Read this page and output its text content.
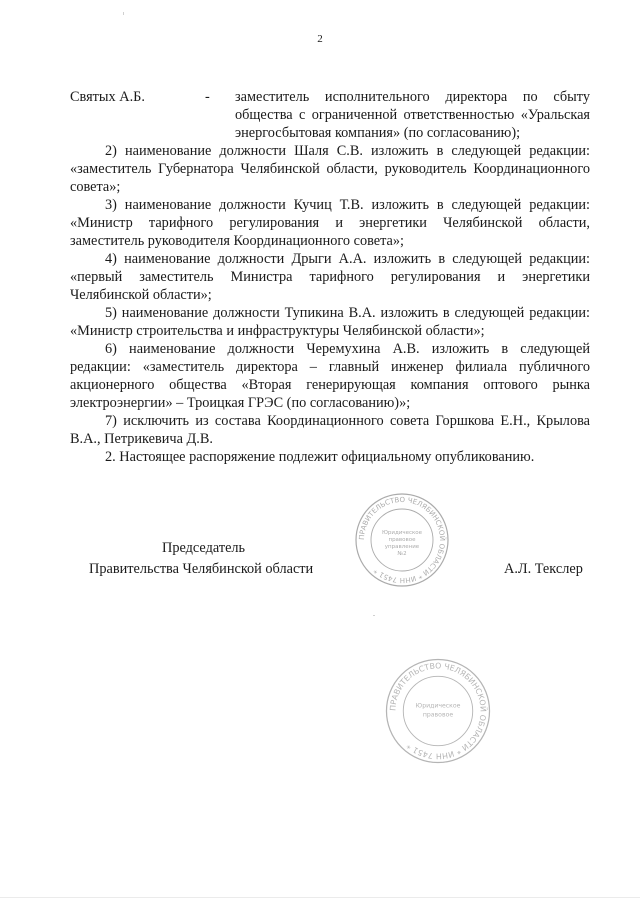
2
Святых А.Б.	-	заместитель исполнительного директора по сбыту общества с ограниченной ответственностью «Уральская энергосбытовая компания» (по согласованию);

2) наименование должности Шаля С.В. изложить в следующей редакции: «заместитель Губернатора Челябинской области, руководитель Координационного совета»;

3) наименование должности Кучиц Т.В. изложить в следующей редакции: «Министр тарифного регулирования и энергетики Челябинской области, заместитель руководителя Координационного совета»;

4) наименование должности Дрыги А.А. изложить в следующей редакции: «первый заместитель Министра тарифного регулирования и энергетики Челябинской области»;

5) наименование должности Тупикина В.А. изложить в следующей редакции: «Министр строительства и инфраструктуры Челябинской области»;

6) наименование должности Черемухина А.В. изложить в следующей редакции: «заместитель директора – главный инженер филиала публичного акционерного общества «Вторая генерирующая компания оптового рынка электроэнергии» – Троицкая ГРЭС (по согласованию)»;

7) исключить из состава Координационного совета Горшкова Е.Н., Крылова В.А., Петрикевича Д.В.

2. Настоящее распоряжение подлежит официальному опубликованию.

Председатель
Правительства Челябинской области	А.Л. Текслер
ПРАВИТЕЛЬСТВО ЧЕЛЯБИНСКОЙ ОБЛАСТИ * ИНН 7451 *
Юридическое
правовое
управление
№2
ПРАВИТЕЛЬСТВО ЧЕЛЯБИНСКОЙ ОБЛАСТИ * ИНН 7451 *
Юридическое
правовое
